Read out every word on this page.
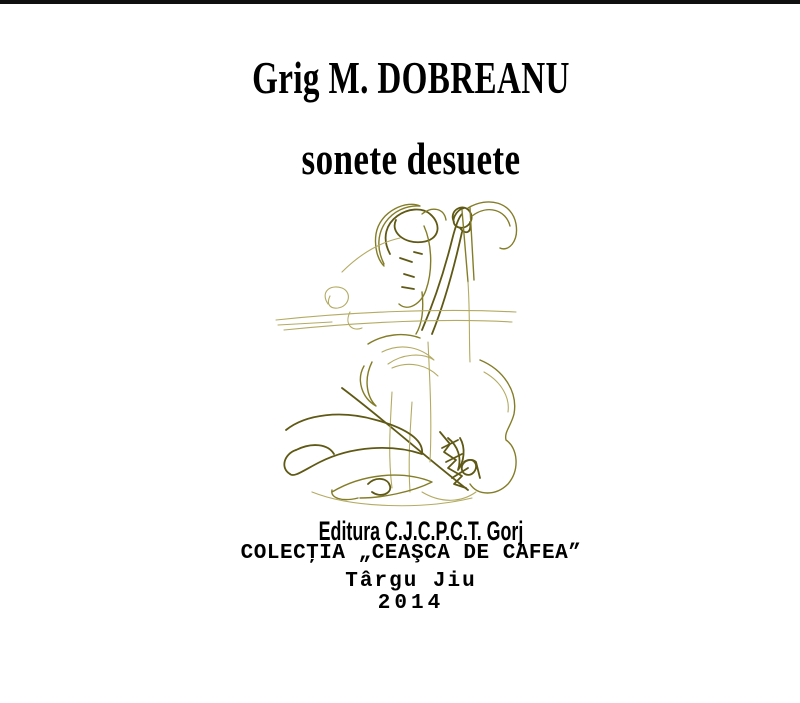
Grig M. DOBREANU
sonete desuete
Editura C.J.C.P.C.T. Gorj
COLECŢIA „CEAŞCA DE CAFEA”
Târgu Jiu
2014
